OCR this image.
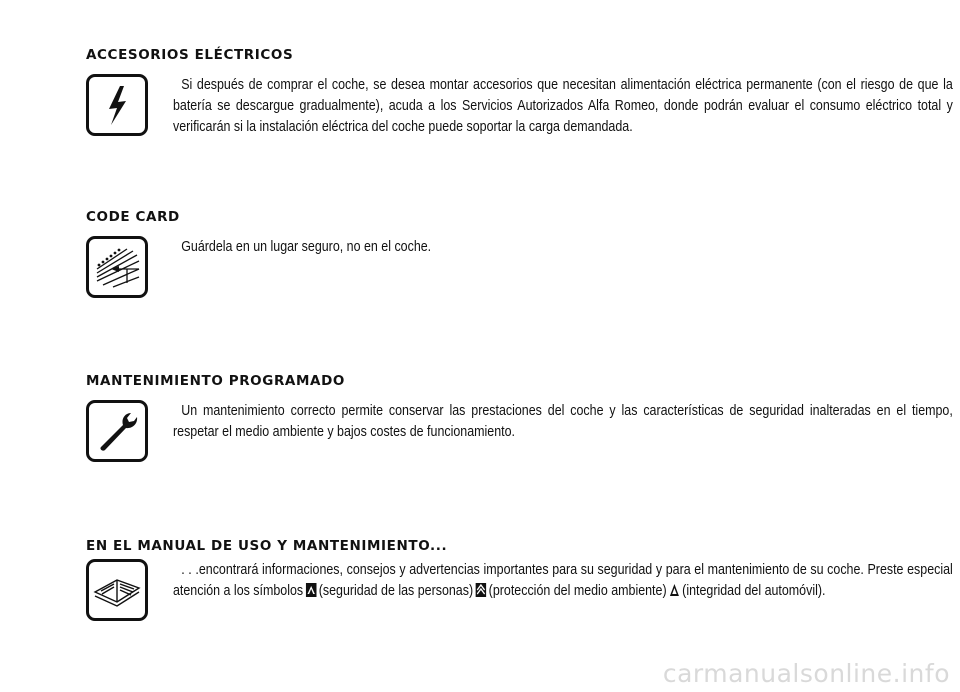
ACCESORIOS ELÉCTRICOS
Si después de comprar el coche, se desea montar accesorios que necesitan alimentación eléctrica permanente (con el riesgo de que la batería se descargue gradualmente), acuda a los Servicios Autorizados Alfa Romeo, donde podrán evaluar el consumo eléctrico total y verificarán si la instalación eléctrica del coche puede soportar la carga demandada.
CODE CARD
Guárdela en un lugar seguro, no en el coche.
MANTENIMIENTO PROGRAMADO
Un mantenimiento correcto permite conservar las prestaciones del coche y las características de seguridad inalteradas en el tiempo, respetar el medio ambiente y bajos costes de funcionamiento.
EN EL MANUAL DE USO Y MANTENIMIENTO...
. . .encontrará informaciones, consejos y advertencias importantes para su seguridad y para el mantenimiento de su coche. Preste especial atención a los símbolos (seguridad de las personas) (protección del medio ambiente) (integridad del automóvil).
carmanualsonline.info
